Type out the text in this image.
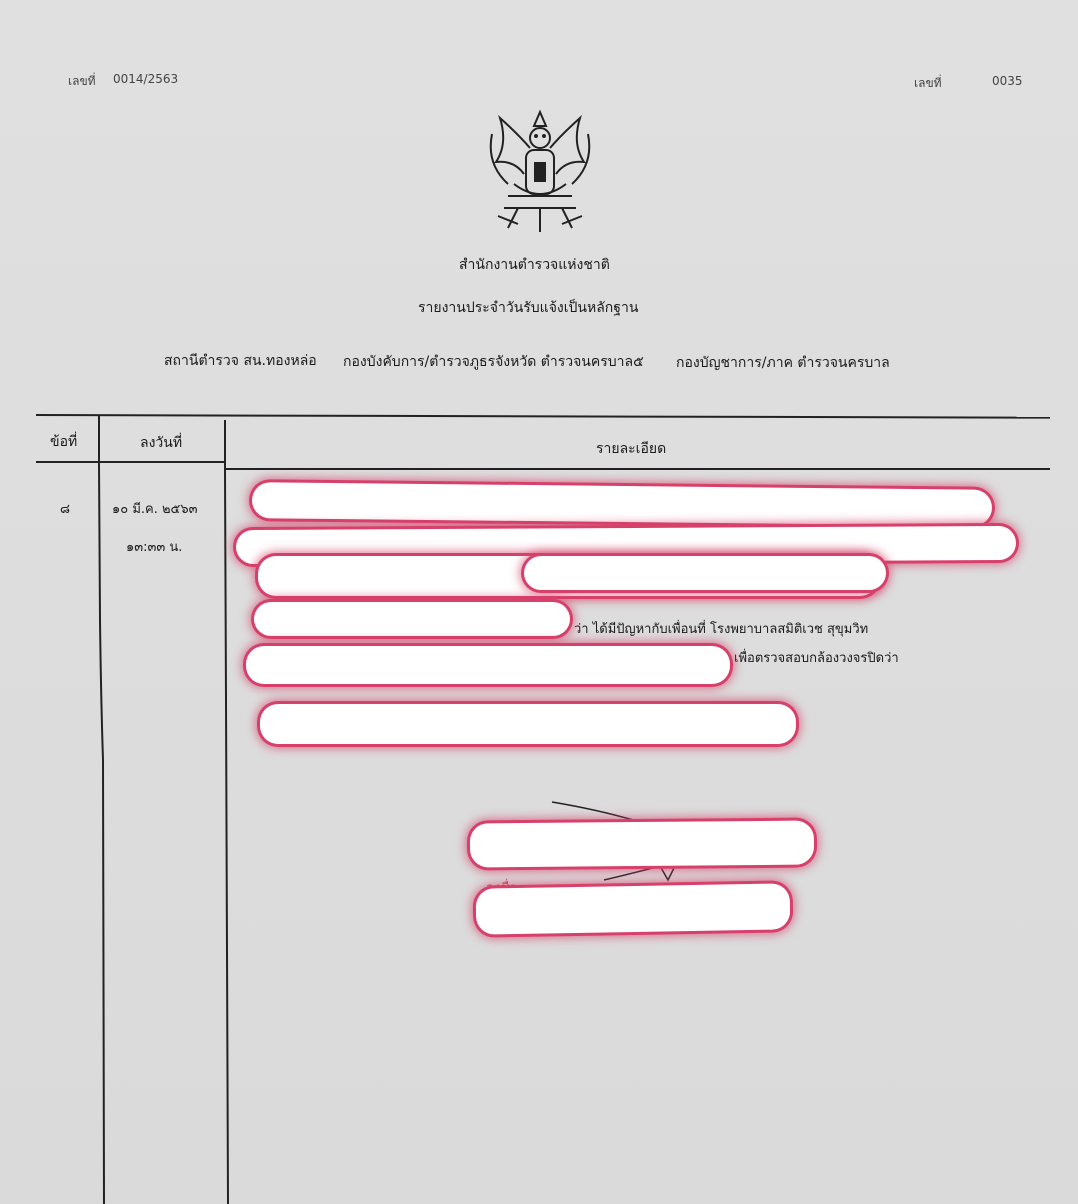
เลขที่ 0014/2563	เลขที่	0035
สำนักงานตำรวจแห่งชาติ
รายงานประจำวันรับแจ้งเป็นหลักฐาน
สถานีตำรวจ สน.ทองหล่อ กองบังคับการ/ตำรวจภูธรจังหวัด ตำรวจนครบาล๕ กองบัญชาการ/ภาค ตำรวจนครบาล
ข้อที่	ลงวันที่	รายละเอียด
๘	๑๐ มี.ค. ๒๕๖๓
๑๓:๓๓ น.
ว่า ได้มีปัญหากับเพื่อนที่ โรงพยาบาลสมิติเวช สุขุมวิท
เพื่อตรวจสอบกล้องวงจรปิดว่า
